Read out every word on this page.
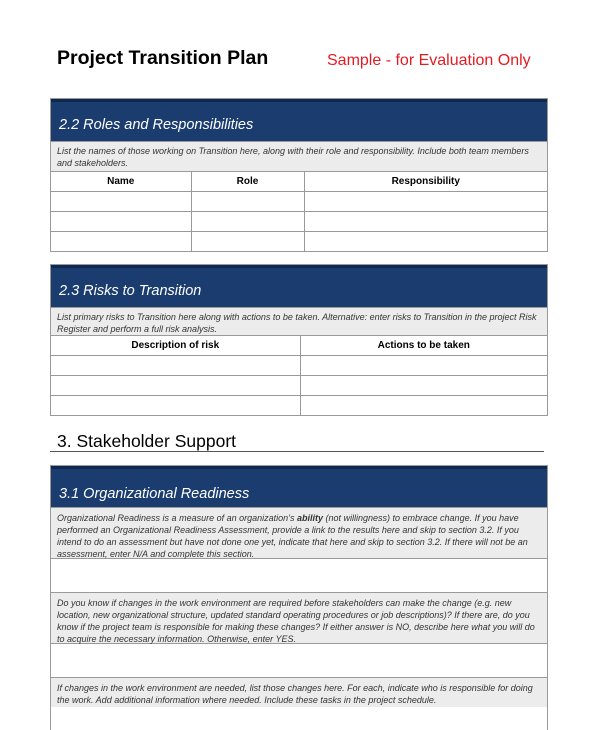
Project Transition Plan	Sample - for Evaluation Only
2.2 Roles and Responsibilities
List the names of those working on Transition here, along with their role and responsibility. Include both team members and stakeholders.
Name	Role	Responsibility

2.3 Risks to Transition
List primary risks to Transition here along with actions to be taken. Alternative: enter risks to Transition in the project Risk Register and perform a full risk analysis.
Description of risk	Actions to be taken

3. Stakeholder Support
3.1 Organizational Readiness
Organizational Readiness is a measure of an organization’s ability (not willingness) to embrace change. If you have performed an Organizational Readiness Assessment, provide a link to the results here and skip to section 3.2. If you intend to do an assessment but have not done one yet, indicate that here and skip to section 3.2. If there will not be an assessment, enter N/A and complete this section.
Do you know if changes in the work environment are required before stakeholders can make the change (e.g. new location, new organizational structure, updated standard operating procedures or job descriptions)? If there are, do you know if the project team is responsible for making these changes? If either answer is NO, describe here what you will do to acquire the necessary information. Otherwise, enter YES.
If changes in the work environment are needed, list those changes here. For each, indicate who is responsible for doing the work. Add additional information where needed. Include these tasks in the project schedule.
